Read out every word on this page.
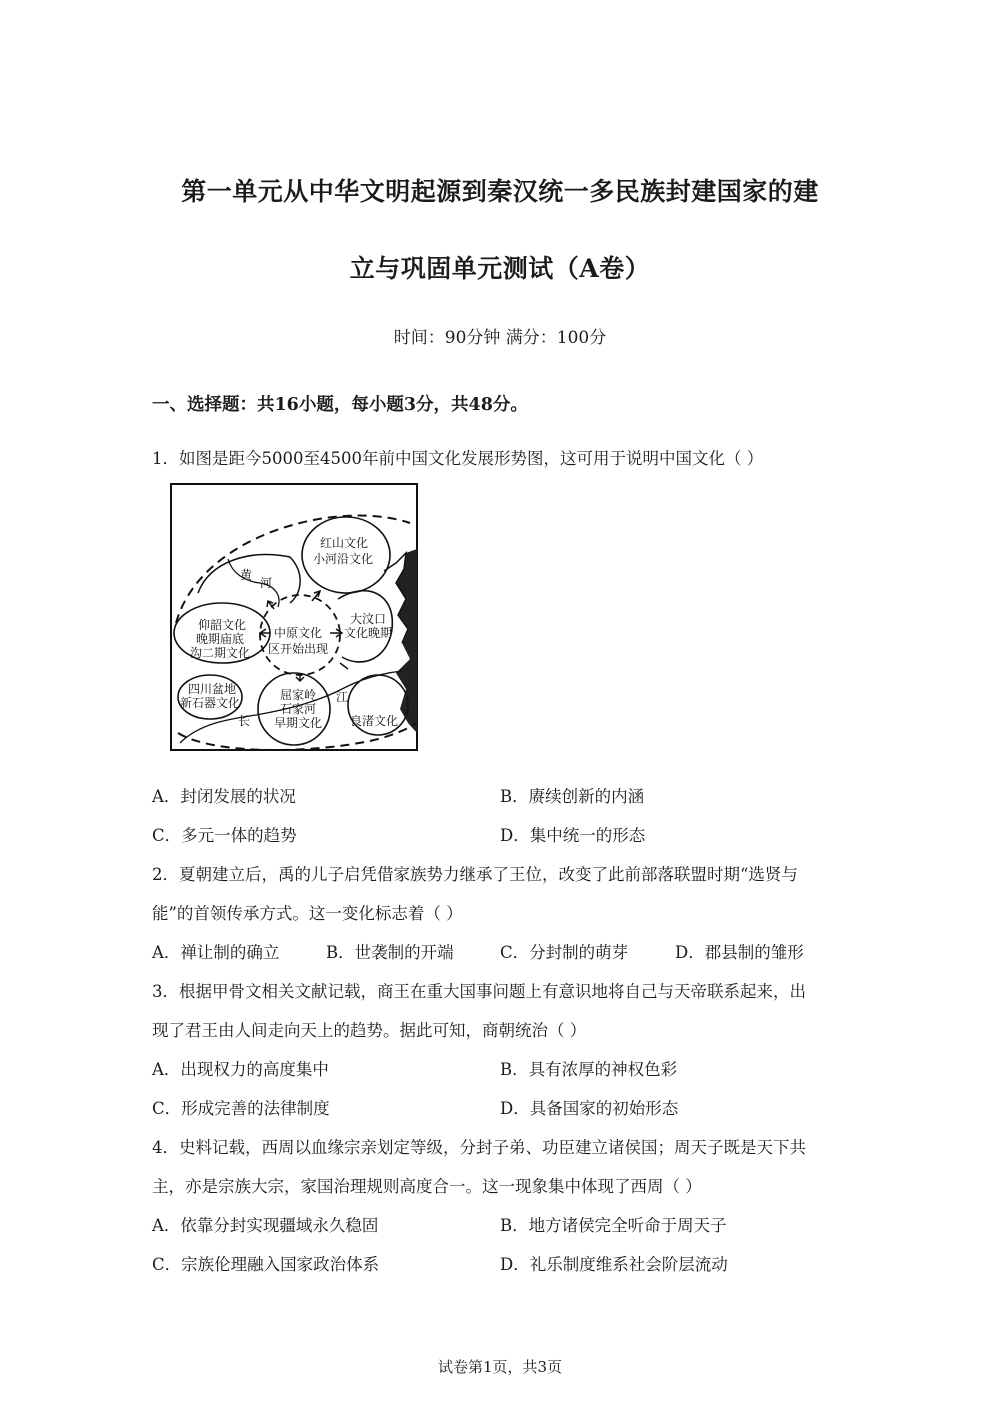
第一单元从中华文明起源到秦汉统一多民族封建国家的建
立与巩固单元测试（A卷）
时间：90分钟 满分：100分
一、选择题：共16小题，每小题3分，共48分。
1．如图是距今5000至4500年前中国文化发展形势图，这可用于说明中国文化（ ）
红山文化
小河沿文化
黄
河
仰韶文化
晚期庙底
沟二期文化
中原文化
区开始出现
大汶口
文化晚期
四川盆地
新石器文化
屈家岭
石家河
早期文化
江
长	良渚文化
A．封闭发展的状况	B．赓续创新的内涵
C．多元一体的趋势	D．集中统一的形态
2．夏朝建立后，禹的儿子启凭借家族势力继承了王位，改变了此前部落联盟时期“选贤与
能”的首领传承方式。这一变化标志着（ ）
A．禅让制的确立	B．世袭制的开端	C．分封制的萌芽	D．郡县制的雏形
3．根据甲骨文相关文献记载，商王在重大国事问题上有意识地将自己与天帝联系起来，出
现了君王由人间走向天上的趋势。据此可知，商朝统治（ ）
A．出现权力的高度集中	B．具有浓厚的神权色彩
C．形成完善的法律制度	D．具备国家的初始形态
4．史料记载，西周以血缘宗亲划定等级，分封子弟、功臣建立诸侯国；周天子既是天下共
主，亦是宗族大宗，家国治理规则高度合一。这一现象集中体现了西周（ ）
A．依靠分封实现疆域永久稳固	B．地方诸侯完全听命于周天子
C．宗族伦理融入国家政治体系	D．礼乐制度维系社会阶层流动
试卷第1页，共3页
